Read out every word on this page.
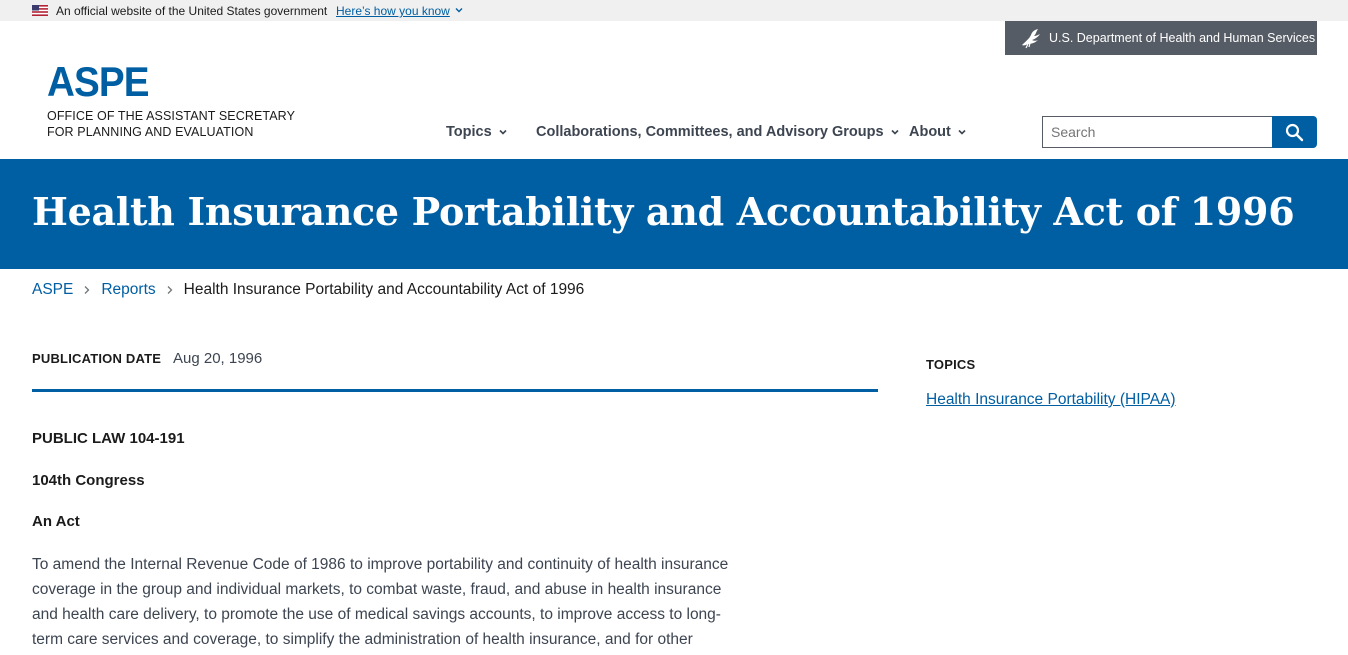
An official website of the United States government Here’s how you know
U.S. Department of Health and Human Services
ASPE
OFFICE OF THE ASSISTANT SECRETARY
FOR PLANNING AND EVALUATION	Topics	Collaborations, Committees, and Advisory Groups	About
Search
Health Insurance Portability and Accountability Act of 1996
ASPE Reports Health Insurance Portability and Accountability Act of 1996
PUBLICATION DATE Aug 20, 1996
PUBLIC LAW 104-191
104th Congress
An Act
To amend the Internal Revenue Code of 1986 to improve portability and continuity of health insurance
coverage in the group and individual markets, to combat waste, fraud, and abuse in health insurance
and health care delivery, to promote the use of medical savings accounts, to improve access to long-
term care services and coverage, to simplify the administration of health insurance, and for other
TOPICS
Health Insurance Portability (HIPAA)
